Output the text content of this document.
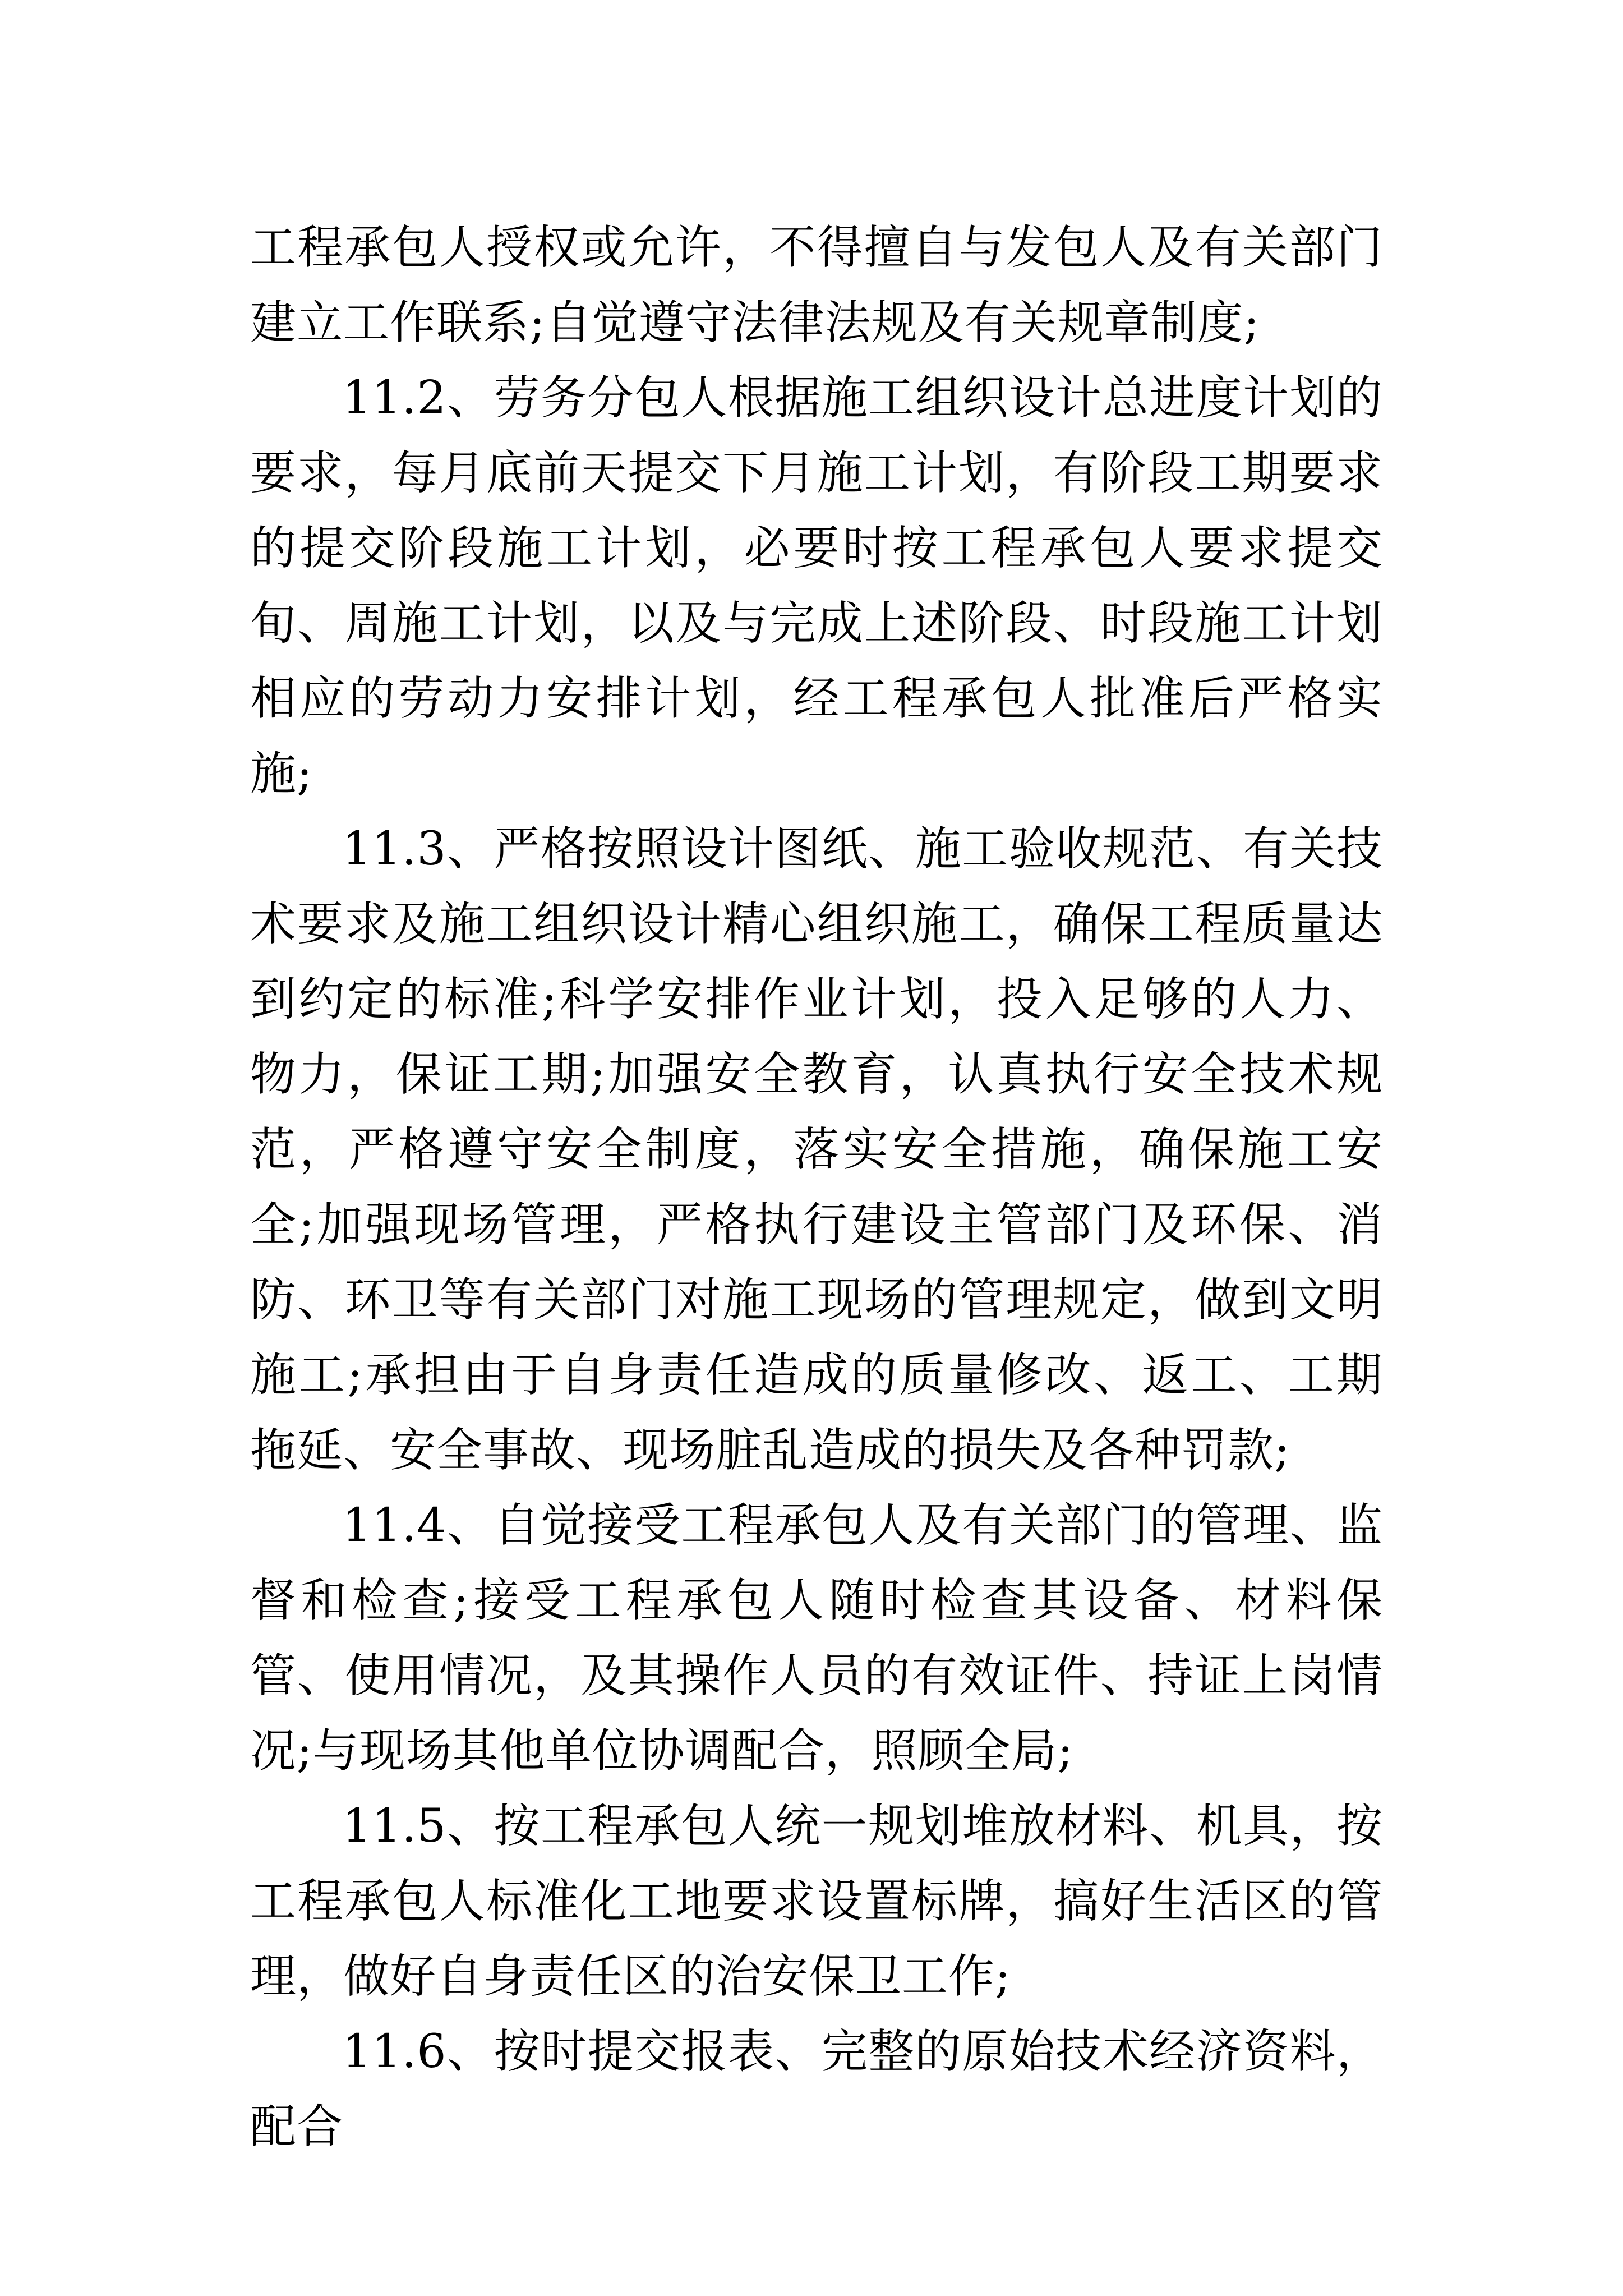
工程承包人授权或允许，不得擅自与发包人及有关部门建立工作联系;自觉遵守法律法规及有关规章制度;

11.2、劳务分包人根据施工组织设计总进度计划的要求，每月底前天提交下月施工计划，有阶段工期要求的提交阶段施工计划，必要时按工程承包人要求提交旬、周施工计划，以及与完成上述阶段、时段施工计划相应的劳动力安排计划，经工程承包人批准后严格实施;

11.3、严格按照设计图纸、施工验收规范、有关技术要求及施工组织设计精心组织施工，确保工程质量达到约定的标准;科学安排作业计划，投入足够的人力、物力，保证工期;加强安全教育，认真执行安全技术规范，严格遵守安全制度，落实安全措施，确保施工安全;加强现场管理，严格执行建设主管部门及环保、消防、环卫等有关部门对施工现场的管理规定，做到文明施工;承担由于自身责任造成的质量修改、返工、工期拖延、安全事故、现场脏乱造成的损失及各种罚款;

11.4、自觉接受工程承包人及有关部门的管理、监督和检查;接受工程承包人随时检查其设备、材料保管、使用情况，及其操作人员的有效证件、持证上岗情况;与现场其他单位协调配合，照顾全局;

11.5、按工程承包人统一规划堆放材料、机具，按工程承包人标准化工地要求设置标牌，搞好生活区的管理，做好自身责任区的治安保卫工作;

11.6、按时提交报表、完整的原始技术经济资料，配合
